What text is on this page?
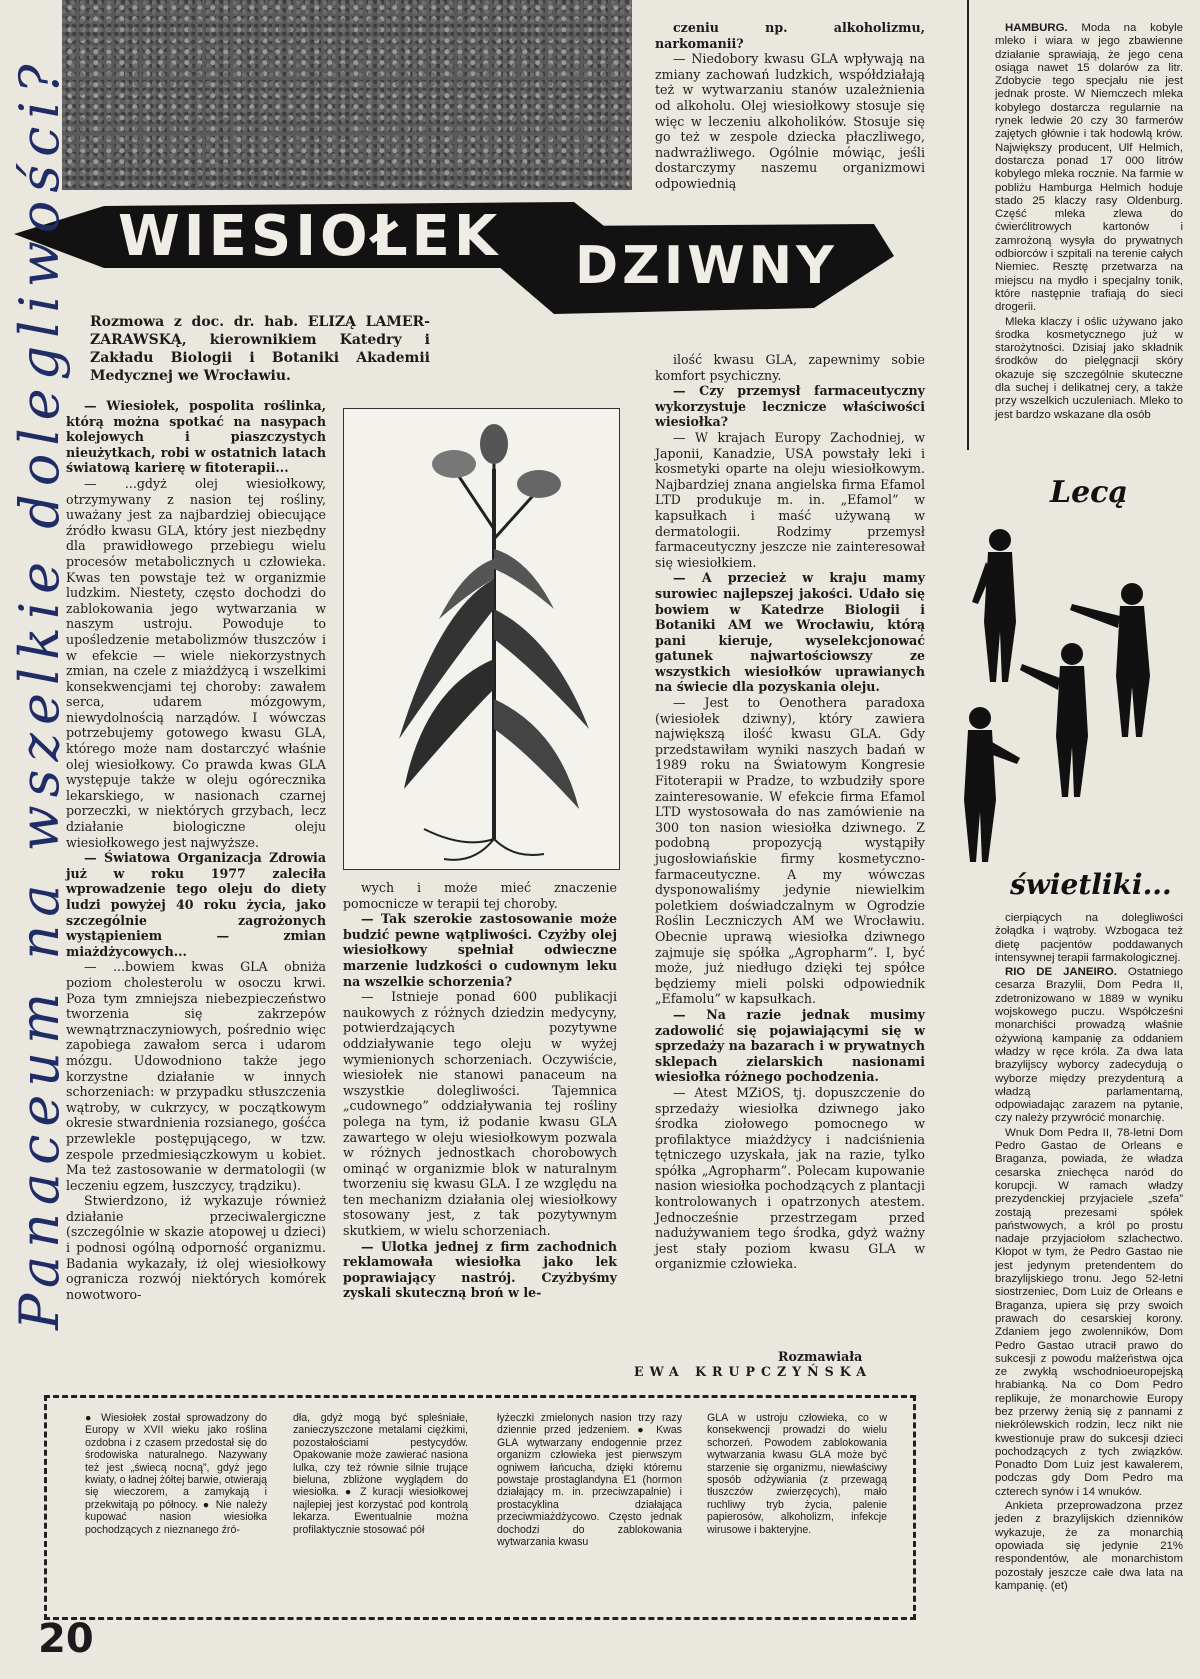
WIESIOŁEK DZIWNY
Panaceum na wszelkie dolegliwości? Rozmowa z doc. dr. hab. ELIZĄ LAMER-ZARAWSKĄ, kierownikiem Katedry i Zakładu Biologii i Botaniki Akademii Medycznej we Wrocławiu.

— Wiesiołek, pospolita roślinka, którą można spotkać na nasypach kolejowych i piaszczystych nieużytkach, robi w ostatnich latach światową karierę w fitoterapii...

— ...gdyż olej wiesiołkowy, otrzymywany z nasion tej rośliny, uważany jest za najbardziej obiecujące źródło kwasu GLA, który jest niezbędny dla prawidłowego przebiegu wielu procesów metabolicznych u człowieka. Kwas ten powstaje też w organizmie ludzkim. Niestety, często dochodzi do zablokowania jego wytwarzania w naszym ustroju. Powoduje to upośledzenie metabolizmów tłuszczów i w efekcie — wiele niekorzystnych zmian, na czele z miażdżycą i wszelkimi konsekwencjami tej choroby: zawałem serca, udarem mózgowym, niewydolnością narządów. I wówczas potrzebujemy gotowego kwasu GLA, którego może nam dostarczyć właśnie olej wiesiołkowy. Co prawda kwas GLA występuje także w oleju ogórecznika lekarskiego, w nasionach czarnej porzeczki, w niektórych grzybach, lecz działanie biologiczne oleju wiesiołkowego jest najwyższe.

— Światowa Organizacja Zdrowia już w roku 1977 zaleciła wprowadzenie tego oleju do diety ludzi powyżej 40 roku życia, jako szczególnie zagrożonych wystąpieniem — zmian miażdżycowych...

— ...bowiem kwas GLA obniża poziom cholesterolu w osoczu krwi. Poza tym zmniejsza niebezpieczeństwo tworzenia się zakrzepów wewnątrznaczyniowych, pośrednio więc zapobiega zawałom serca i udarom mózgu. Udowodniono także jego korzystne działanie w innych schorzeniach: w przypadku stłuszczenia wątroby, w cukrzycy, w początkowym okresie stwardnienia rozsianego, gośćca przewlekle postępującego, w tzw. zespole przedmiesiączkowym u kobiet. Ma też zastosowanie w dermatologii (w leczeniu egzem, łuszczycy, trądziku).

Stwierdzono, iż wykazuje również działanie przeciwalergiczne (szczególnie w skazie atopowej u dzieci) i podnosi ogólną odporność organizmu. Badania wykazały, iż olej wiesiołkowy ogranicza rozwój niektórych komórek nowotworo-

wych i może mieć znaczenie pomocnicze w terapii tej choroby.

— Tak szerokie zastosowanie może budzić pewne wątpliwości. Czyżby olej wiesiołkowy spełniał odwieczne marzenie ludzkości o cudownym leku na wszelkie schorzenia?

— Istnieje ponad 600 publikacji naukowych z różnych dziedzin medycyny, potwierdzających pozytywne oddziaływanie tego oleju w wyżej wymienionych schorzeniach. Oczywiście, wiesiołek nie stanowi panaceum na wszystkie dolegliwości. Tajemnica „cudownego” oddziaływania tej rośliny polega na tym, iż podanie kwasu GLA zawartego w oleju wiesiołkowym pozwala w różnych jednostkach chorobowych ominąć w organizmie blok w naturalnym tworzeniu się kwasu GLA. I ze względu na ten mechanizm działania olej wiesiołkowy stosowany jest, z tak pozytywnym skutkiem, w wielu schorzeniach.

— Ulotka jednej z firm zachodnich reklamowała wiesiołka jako lek poprawiający nastrój. Czyżbyśmy zyskali skuteczną broń w le-

czeniu np. alkoholizmu, narkomanii?

— Niedobory kwasu GLA wpływają na zmiany zachowań ludzkich, współdziałają też w wytwarzaniu stanów uzależnienia od alkoholu. Olej wiesiołkowy stosuje się więc w leczeniu alkoholików. Stosuje się go też w zespole dziecka płaczliwego, nadwrażliwego. Ogólnie mówiąc, jeśli dostarczymy naszemu organizmowi odpowiednią

ilość kwasu GLA, zapewnimy sobie komfort psychiczny.

— Czy przemysł farmaceutyczny wykorzystuje lecznicze właściwości wiesiołka?

— W krajach Europy Zachodniej, w Japonii, Kanadzie, USA powstały leki i kosmetyki oparte na oleju wiesiołkowym. Najbardziej znana angielska firma Efamol LTD produkuje m. in. „Efamol” w kapsułkach i maść używaną w dermatologii. Rodzimy przemysł farmaceutyczny jeszcze nie zainteresował się wiesiołkiem.

— A przecież w kraju mamy surowiec najlepszej jakości. Udało się bowiem w Katedrze Biologii i Botaniki AM we Wrocławiu, którą pani kieruje, wyselekcjonować gatunek najwartościowszy ze wszystkich wiesiołków uprawianych na świecie dla pozyskania oleju.

— Jest to Oenothera paradoxa (wiesiołek dziwny), który zawiera największą ilość kwasu GLA. Gdy przedstawiłam wyniki naszych badań w 1989 roku na Światowym Kongresie Fitoterapii w Pradze, to wzbudziły spore zainteresowanie. W efekcie firma Efamol LTD wystosowała do nas zamówienie na 300 ton nasion wiesiołka dziwnego. Z podobną propozycją wystąpiły jugosłowiańskie firmy kosmetyczno-farmaceutyczne. A my wówczas dysponowaliśmy jedynie niewielkim poletkiem doświadczalnym w Ogrodzie Roślin Leczniczych AM we Wrocławiu. Obecnie uprawą wiesiołka dziwnego zajmuje się spółka „Agropharm”. I, być może, już niedługo dzięki tej spółce będziemy mieli polski odpowiednik „Efamolu” w kapsułkach.

— Na razie jednak musimy zadowolić się pojawiającymi się w sprzedaży na bazarach i w prywatnych sklepach zielarskich nasionami wiesiołka różnego pochodzenia.

— Atest MZiOS, tj. dopuszczenie do sprzedaży wiesiołka dziwnego jako środka ziołowego pomocnego w profilaktyce miażdżycy i nadciśnienia tętniczego uzyskała, jak na razie, tylko spółka „Agropharm”. Polecam kupowanie nasion wiesiołka pochodzących z plantacji kontrolowanych i opatrzonych atestem. Jednocześnie przestrzegam przed nadużywaniem tego środka, gdyż ważny jest stały poziom kwasu GLA w organizmie człowieka.

Rozmawiała
EWA KRUPCZYŃSKA

HAMBURG. Moda na kobyle mleko i wiara w jego zbawienne działanie sprawiają, że jego cena osiąga nawet 15 dolarów za litr. Zdobycie tego specjału nie jest jednak proste. W Niemczech mleka kobylego dostarcza regularnie na rynek ledwie 20 czy 30 farmerów zajętych głównie i tak hodowlą krów. Największy producent, Ulf Helmich, dostarcza ponad 17 000 litrów kobylego mleka rocznie. Na farmie w pobliżu Hamburga Helmich hoduje stado 25 klaczy rasy Oldenburg. Część mleka zlewa do ćwierćlitrowych kartonów i zamrożoną wysyła do prywatnych odbiorców i szpitali na terenie całych Niemiec. Resztę przetwarza na miejscu na mydło i specjalny tonik, które następnie trafiają do sieci drogerii.

Mleka klaczy i oślic używano jako środka kosmetycznego już w starożytności. Dzisiaj jako składnik środków do pielęgnacji skóry okazuje się szczególnie skuteczne dla suchej i delikatnej cery, a także przy wszelkich uczuleniach. Mleko to jest bardzo wskazane dla osób

Lecą
świetliki...

cierpiących na dolegliwości żołądka i wątroby. Wzbogaca też dietę pacjentów poddawanych intensywnej terapii farmakologicznej.

RIO DE JANEIRO. Ostatniego cesarza Brazylii, Dom Pedra II, zdetronizowano w 1889 w wyniku wojskowego puczu. Współcześni monarchiści prowadzą właśnie ożywioną kampanię za oddaniem władzy w ręce króla. Za dwa lata brazylijscy wyborcy zadecydują o wyborze między prezydenturą a władzą parlamentarną, odpowiadając zarazem na pytanie, czy należy przywrócić monarchię.

Wnuk Dom Pedra II, 78-letni Dom Pedro Gastao de Orleans e Braganza, powiada, że władza cesarska zniechęca naród do korupcji. W ramach władzy prezydenckiej przyjaciele „szefa” zostają prezesami spółek państwowych, a król po prostu nadaje przyjaciołom szlachectwo. Kłopot w tym, że Pedro Gastao nie jest jedynym pretendentem do brazylijskiego tronu. Jego 52-letni siostrzeniec, Dom Luiz de Orleans e Braganza, upiera się przy swoich prawach do cesarskiej korony. Zdaniem jego zwolenników, Dom Pedro Gastao utracił prawo do sukcesji z powodu małżeństwa ojca ze zwykłą wschodnioeuropejską hrabianką. Na co Dom Pedro replikuje, że monarchowie Europy bez przerwy żenią się z pannami z niekrólewskich rodzin, lecz nikt nie kwestionuje praw do sukcesji dzieci pochodzących z tych związków. Ponadto Dom Luiz jest kawalerem, podczas gdy Dom Pedro ma czterech synów i 14 wnuków.

Ankieta przeprowadzona przez jeden z brazylijskich dzienników wykazuje, że za monarchią opowiada się jedynie 21% respondentów, ale monarchistom pozostały jeszcze całe dwa lata na kampanię. (et)

● Wiesiołek został sprowadzony do Europy w XVII wieku jako roślina ozdobna i z czasem przedostał się do środowiska naturalnego. Nazywany też jest „świecą nocną”, gdyż jego kwiaty, o ładnej żółtej barwie, otwierają się wieczorem, a zamykają i przekwitają po północy. ● Nie należy kupować nasion wiesiołka pochodzących z nieznanego źró-
dła, gdyż mogą być spleśniałe, zanieczyszczone metalami ciężkimi, pozostałościami pestycydów. Opakowanie może zawierać nasiona lulka, czy też równie silnie trujące bieluna, zbliżone wyglądem do wiesiołka. ● Z kuracji wiesiołkowej najlepiej jest korzystać pod kontrolą lekarza. Ewentualnie można profilaktycznie stosować pół
łyżeczki zmielonych nasion trzy razy dziennie przed jedzeniem. ● Kwas GLA wytwarzany endogennie przez organizm człowieka jest pierwszym ogniwem łańcucha, dzięki któremu powstaje prostaglandyna E1 (hormon działający m. in. przeciwzapalnie) i prostacyklina działająca przeciwmiażdżycowo. Często jednak dochodzi do zablokowania wytwarzania kwasu
GLA w ustroju człowieka, co w konsekwencji prowadzi do wielu schorzeń. Powodem zablokowania wytwarzania kwasu GLA może być starzenie się organizmu, niewłaściwy sposób odżywiania (z przewagą tłuszczów zwierzęcych), mało ruchliwy tryb życia, palenie papierosów, alkoholizm, infekcje wirusowe i bakteryjne.
20
